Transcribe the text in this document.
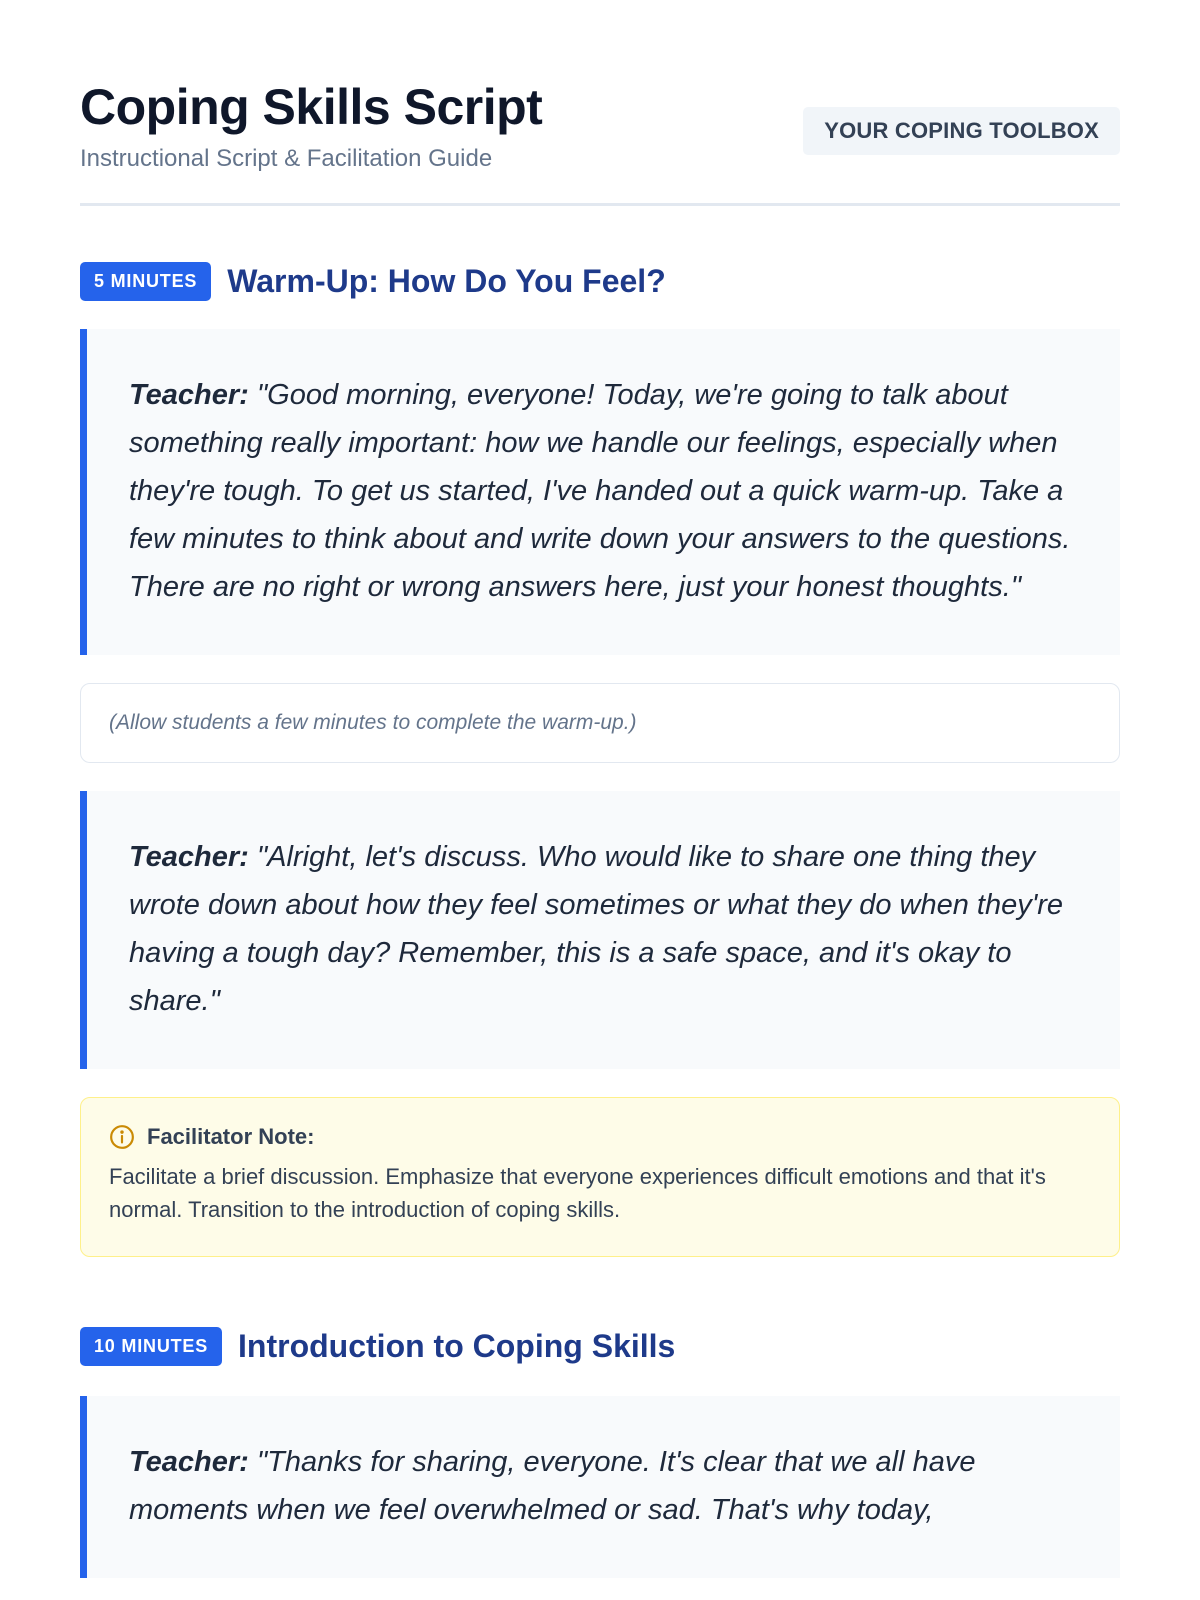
Coping Skills Script

Instructional Script & Facilitation Guide

YOUR COPING TOOLBOX
5 MINUTES Warm-Up: How Do You Feel?
Teacher: "Good morning, everyone! Today, we're going to talk about something really important: how we handle our feelings, especially when they're tough. To get us started, I've handed out a quick warm-up. Take a few minutes to think about and write down your answers to the questions. There are no right or wrong answers here, just your honest thoughts."
(Allow students a few minutes to complete the warm-up.)
Teacher: "Alright, let's discuss. Who would like to share one thing they wrote down about how they feel sometimes or what they do when they're having a tough day? Remember, this is a safe space, and it's okay to share."
Facilitator Note:
Facilitate a brief discussion. Emphasize that everyone experiences difficult emotions and that it's normal. Transition to the introduction of coping skills.
10 MINUTES Introduction to Coping Skills
Teacher: "Thanks for sharing, everyone. It's clear that we all have moments when we feel overwhelmed or sad. That's why today,
